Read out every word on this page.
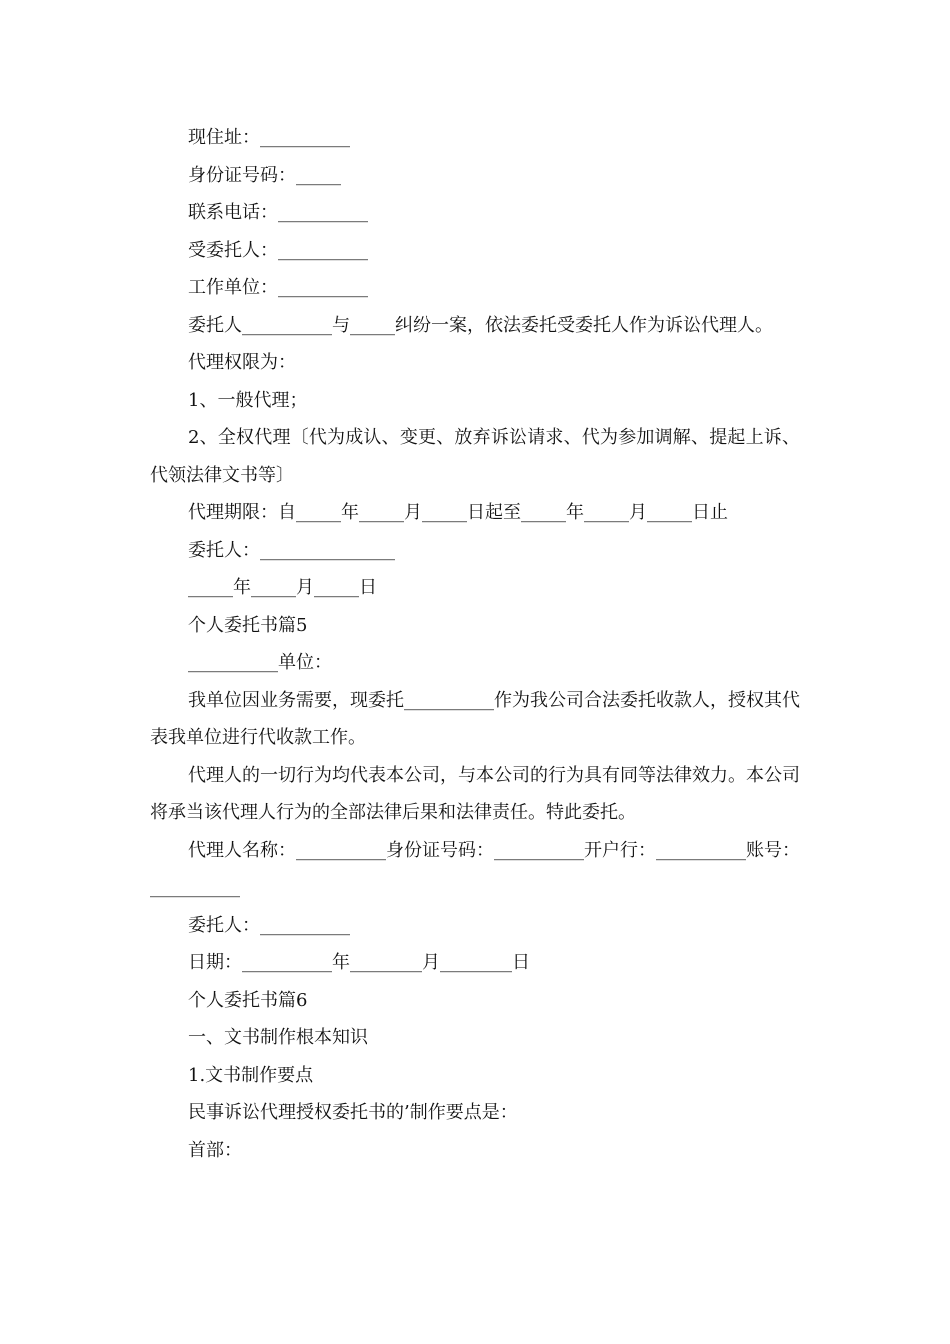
现住址：__________

身份证号码：_____

联系电话：__________

受委托人：__________

工作单位：__________

委托人__________与_____纠纷一案，依法委托受委托人作为诉讼代理人。

代理权限为：

1、一般代理；

2、全权代理〔代为成认、变更、放弃诉讼请求、代为参加调解、提起上诉、代领法律文书等〕

代理期限：自_____年_____月_____日起至_____年_____月_____日止

委托人：_______________

_____年_____月_____日

个人委托书篇5

__________单位：

我单位因业务需要，现委托__________作为我公司合法委托收款人，授权其代表我单位进行代收款工作。

代理人的一切行为均代表本公司，与本公司的行为具有同等法律效力。本公司将承当该代理人行为的全部法律后果和法律责任。特此委托。

代理人名称：__________身份证号码：__________开户行：__________账号：__________

委托人：__________

日期：__________年________月________日

个人委托书篇6

一、文书制作根本知识

1.文书制作要点

民事诉讼代理授权委托书的’制作要点是：

首部：
